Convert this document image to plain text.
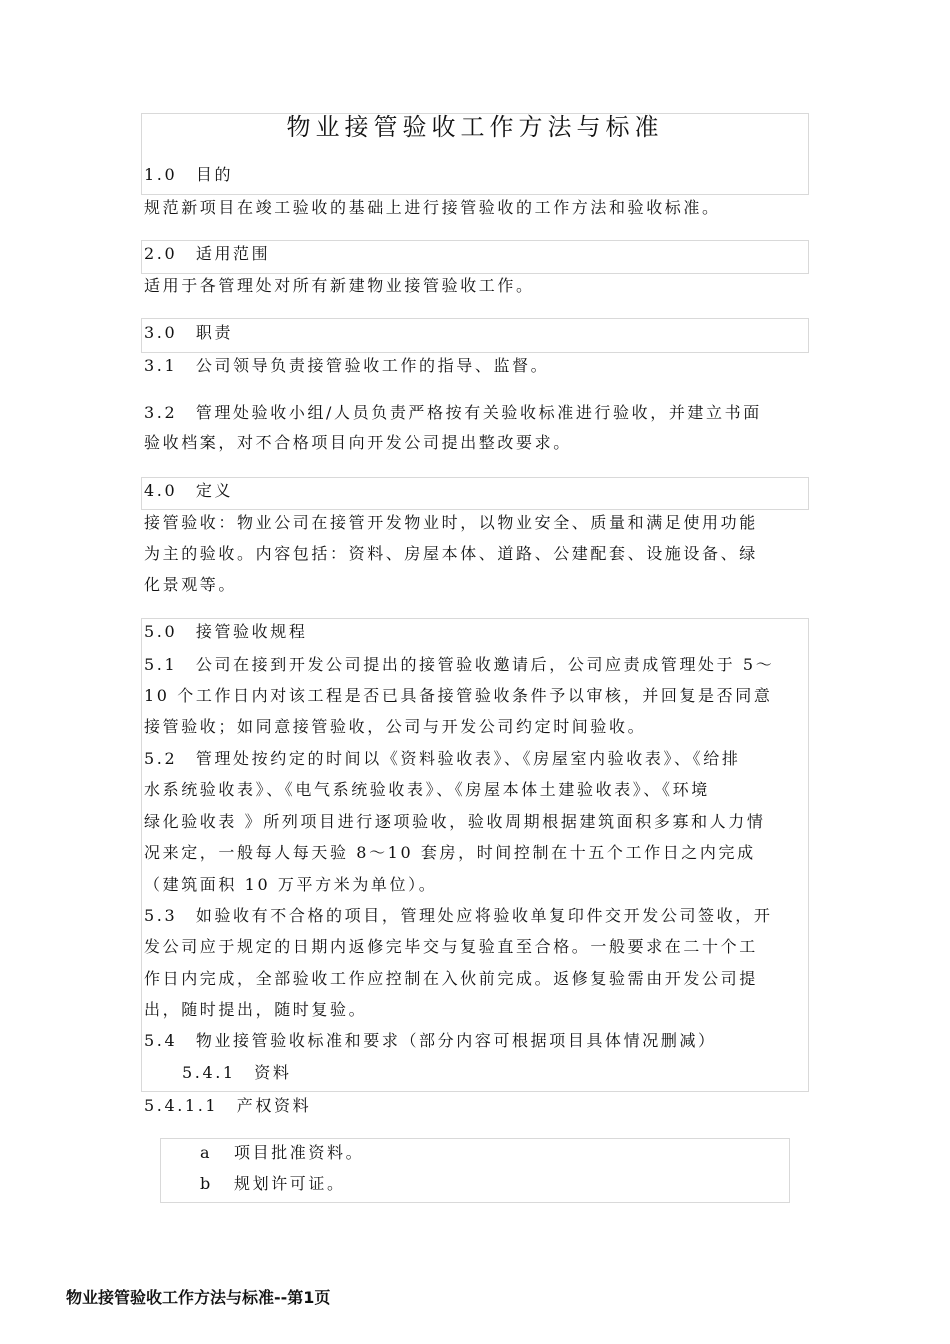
物业接管验收工作方法与标准
1.0　目的
规范新项目在竣工验收的基础上进行接管验收的工作方法和验收标准。
2.0　适用范围
适用于各管理处对所有新建物业接管验收工作。
3.0　职责
3.1　公司领导负责接管验收工作的指导、监督。
3.2　管理处验收小组/人员负责严格按有关验收标准进行验收，并建立书面
验收档案，对不合格项目向开发公司提出整改要求。
4.0　定义
接管验收：物业公司在接管开发物业时，以物业安全、质量和满足使用功能
为主的验收。内容包括：资料、房屋本体、道路、公建配套、设施设备、绿
化景观等。
5.0　接管验收规程
5.1　公司在接到开发公司提出的接管验收邀请后，公司应责成管理处于 5～
10 个工作日内对该工程是否已具备接管验收条件予以审核，并回复是否同意
接管验收；如同意接管验收，公司与开发公司约定时间验收。
5.2　管理处按约定的时间以《资料验收表》、《房屋室内验收表》、《给排
水系统验收表》、《电气系统验收表》、《房屋本体土建验收表》、《环境
绿化验收表 》所列项目进行逐项验收，验收周期根据建筑面积多寡和人力情
况来定，一般每人每天验 8～10 套房，时间控制在十五个工作日之内完成
（建筑面积 10 万平方米为单位）。
5.3　如验收有不合格的项目，管理处应将验收单复印件交开发公司签收，开
发公司应于规定的日期内返修完毕交与复验直至合格。一般要求在二十个工
作日内完成，全部验收工作应控制在入伙前完成。返修复验需由开发公司提
出，随时提出，随时复验。
5.4　物业接管验收标准和要求（部分内容可根据项目具体情况删减）
5.4.1　资料
5.4.1.1　产权资料
a 项目批准资料。
b 规划许可证。
物业接管验收工作方法与标准--第1页
